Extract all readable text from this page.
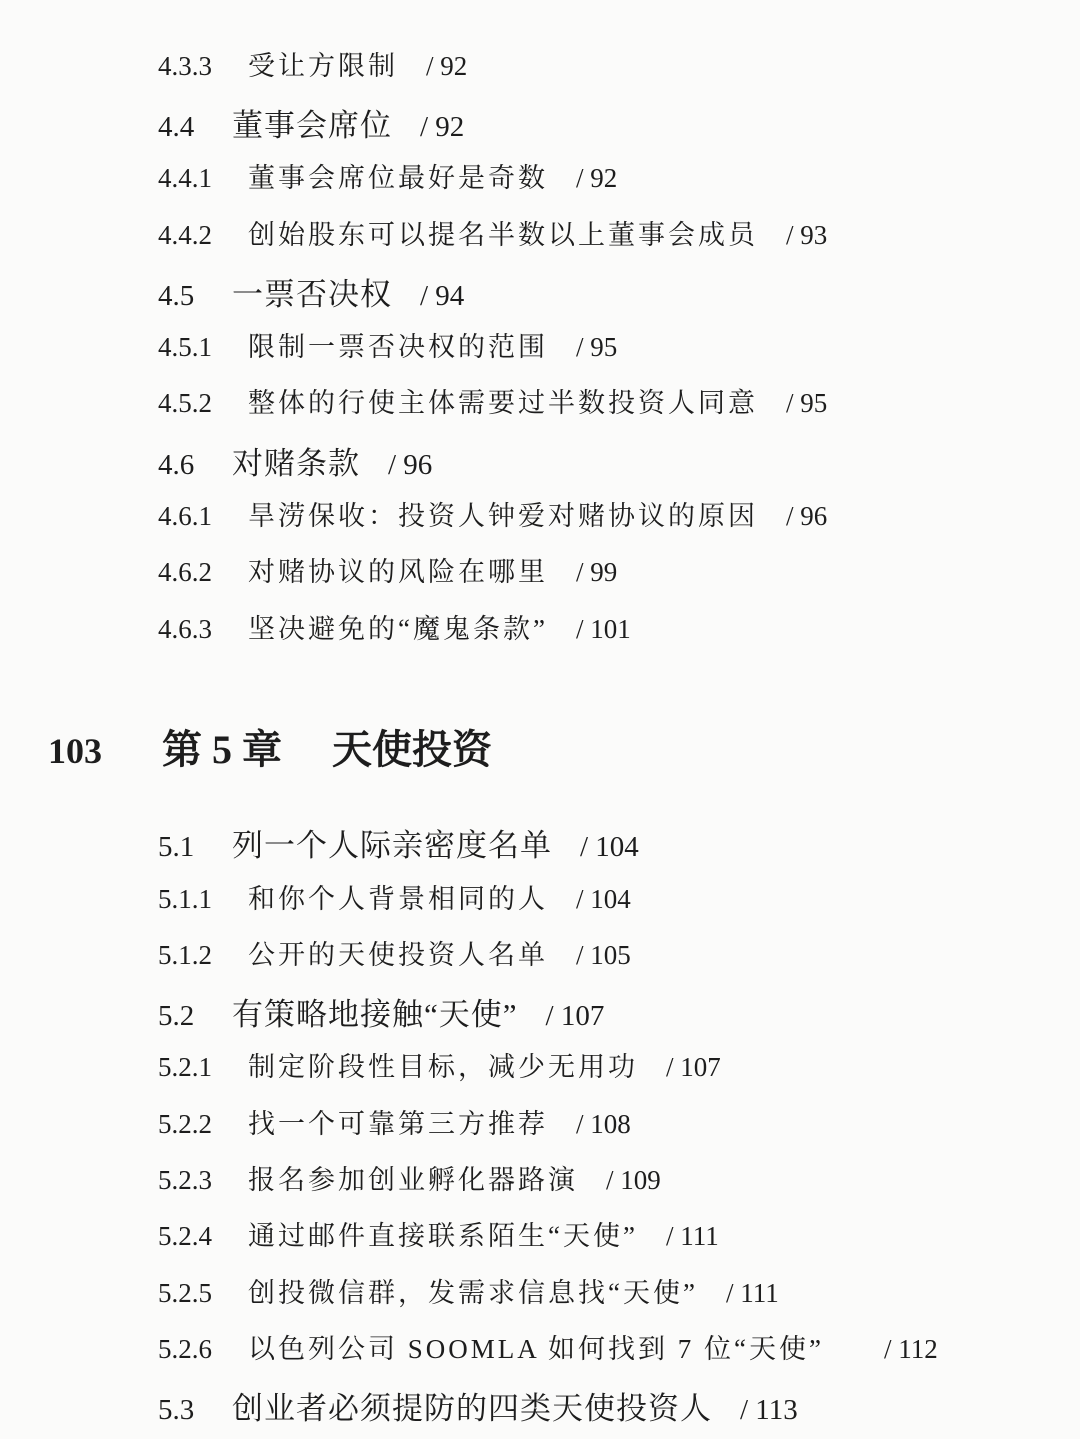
4.3.3	受让方限制 / 92
4.4	董事会席位 / 92
4.4.1	董事会席位最好是奇数 / 92
4.4.2	创始股东可以提名半数以上董事会成员 / 93
4.5	一票否决权 / 94
4.5.1	限制一票否决权的范围 / 95
4.5.2	整体的行使主体需要过半数投资人同意 / 95
4.6	对赌条款 / 96
4.6.1	旱涝保收：投资人钟爱对赌协议的原因 / 96
4.6.2	对赌协议的风险在哪里 / 99
4.6.3	坚决避免的“魔鬼条款” / 101
103	第 5 章	天使投资
5.1	列一个人际亲密度名单 / 104
5.1.1	和你个人背景相同的人 / 104
5.1.2	公开的天使投资人名单 / 105
5.2	有策略地接触“天使” / 107
5.2.1	制定阶段性目标，减少无用功 / 107
5.2.2	找一个可靠第三方推荐 / 108
5.2.3	报名参加创业孵化器路演 / 109
5.2.4	通过邮件直接联系陌生“天使” / 111
5.2.5	创投微信群，发需求信息找“天使” / 111
5.2.6	以色列公司 SOOMLA 如何找到 7 位“天使” / 112
5.3	创业者必须提防的四类天使投资人 / 113
